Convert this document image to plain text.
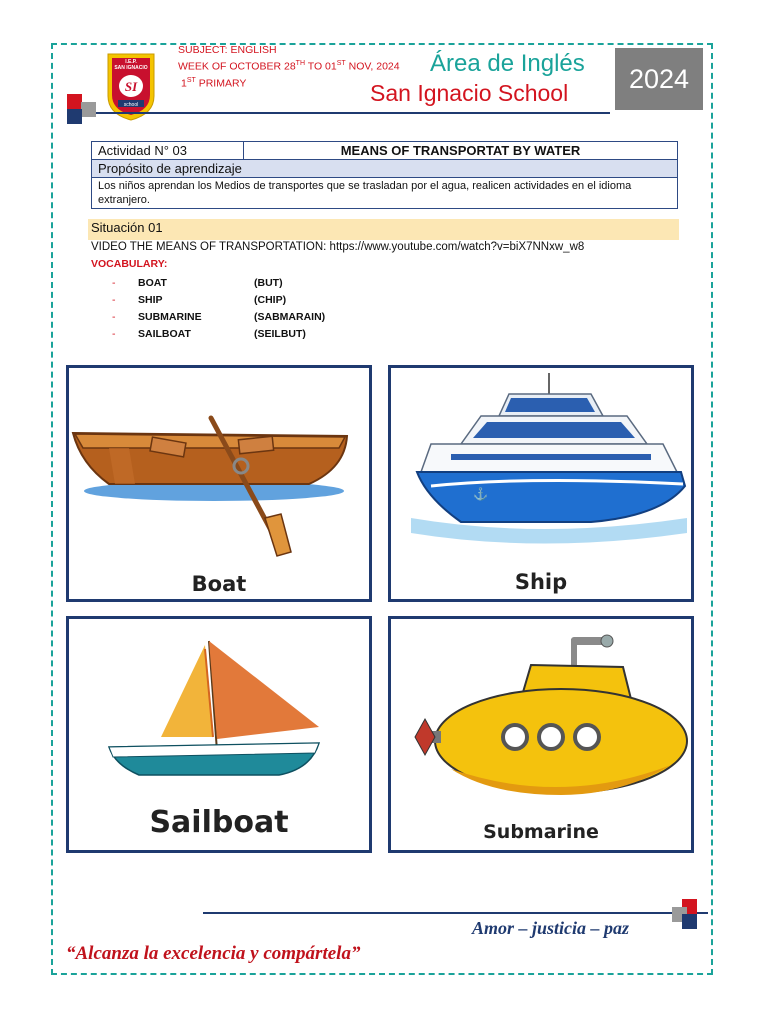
I.E.P.
SAN IGNACIO
SI
school
SUBJECT: ENGLISH
WEEK OF OCTOBER 28TH TO 01ST NOV, 2024
1ST PRIMARY
Área de Inglés
San Ignacio School	2024
Actividad N° 03	MEANS OF TRANSPORTAT BY WATER
Propósito de aprendizaje
Los niños aprendan los Medios de transportes que se trasladan por el agua, realicen actividades en el idioma extranjero.
Situación 01
VIDEO THE MEANS OF TRANSPORTATION: https://www.youtube.com/watch?v=biX7NNxw_w8
VOCABULARY:
-	BOAT	(BUT)
-	SHIP	(CHIP)
-	SUBMARINE	(SABMARAIN)
-	SAILBOAT	(SEILBUT)
Boat
⚓
Ship
Sailboat	Submarine
Amor – justicia – paz
“Alcanza la excelencia y compártela”
